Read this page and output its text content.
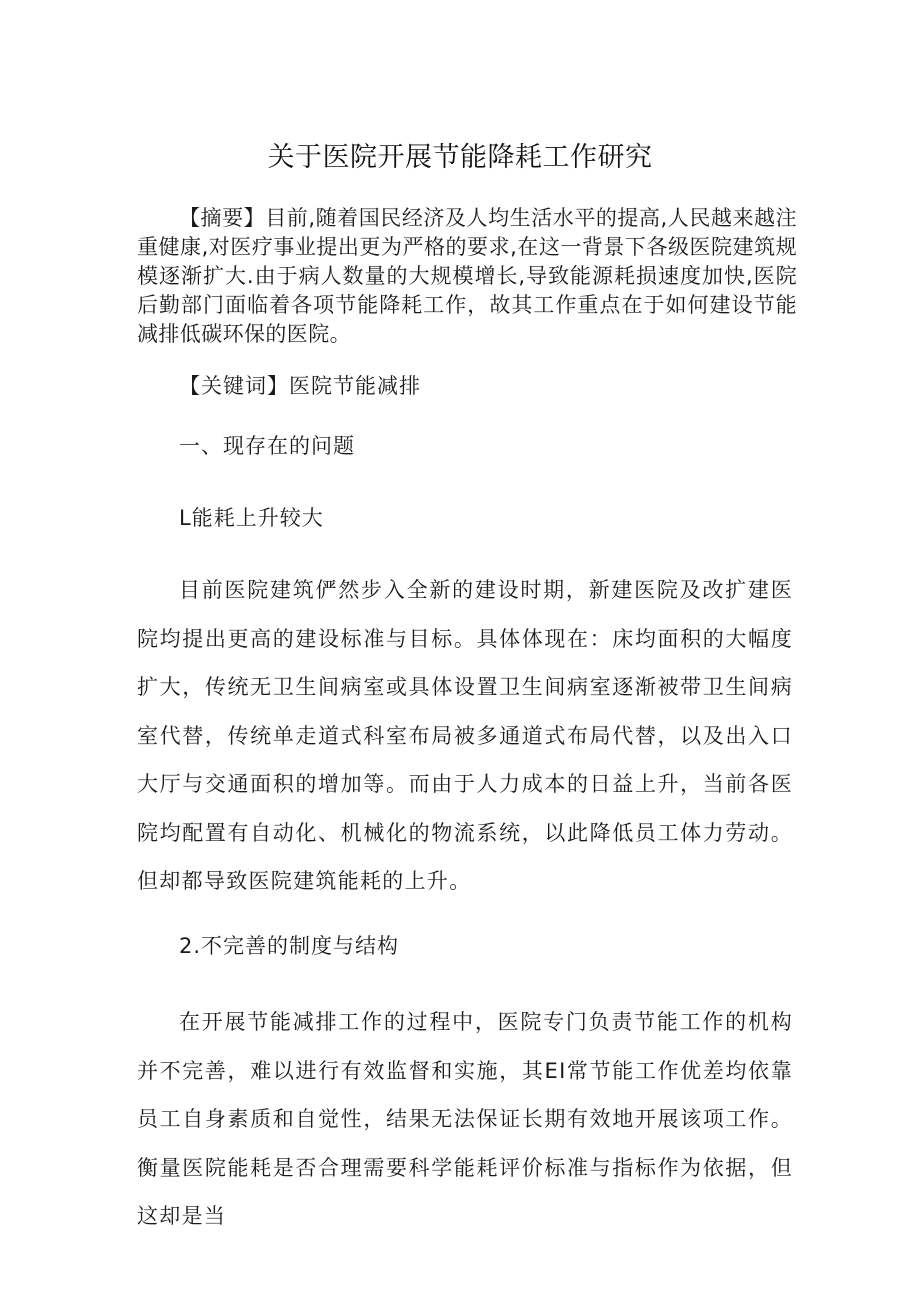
关于医院开展节能降耗工作研究

【摘要】目前,随着国民经济及人均生活水平的提高,人民越来越注重健康,对医疗事业提出更为严格的要求,在这一背景下各级医院建筑规模逐渐扩大.由于病人数量的大规模增长,导致能源耗损速度加快,医院后勤部门面临着各项节能降耗工作，故其工作重点在于如何建设节能减排低碳环保的医院。

【关键词】医院节能减排
一、现存在的问题
L能耗上升较大

目前医院建筑俨然步入全新的建设时期，新建医院及改扩建医院均提出更高的建设标准与目标。具体体现在：床均面积的大幅度扩大，传统无卫生间病室或具体设置卫生间病室逐渐被带卫生间病室代替，传统单走道式科室布局被多通道式布局代替，以及出入口大厅与交通面积的增加等。而由于人力成本的日益上升，当前各医院均配置有自动化、机械化的物流系统，以此降低员工体力劳动。但却都导致医院建筑能耗的上升。

2.不完善的制度与结构

在开展节能减排工作的过程中，医院专门负责节能工作的机构并不完善，难以进行有效监督和实施，其EI常节能工作优差均依靠员工自身素质和自觉性，结果无法保证长期有效地开展该项工作。衡量医院能耗是否合理需要科学能耗评价标准与指标作为依据，但这却是当
